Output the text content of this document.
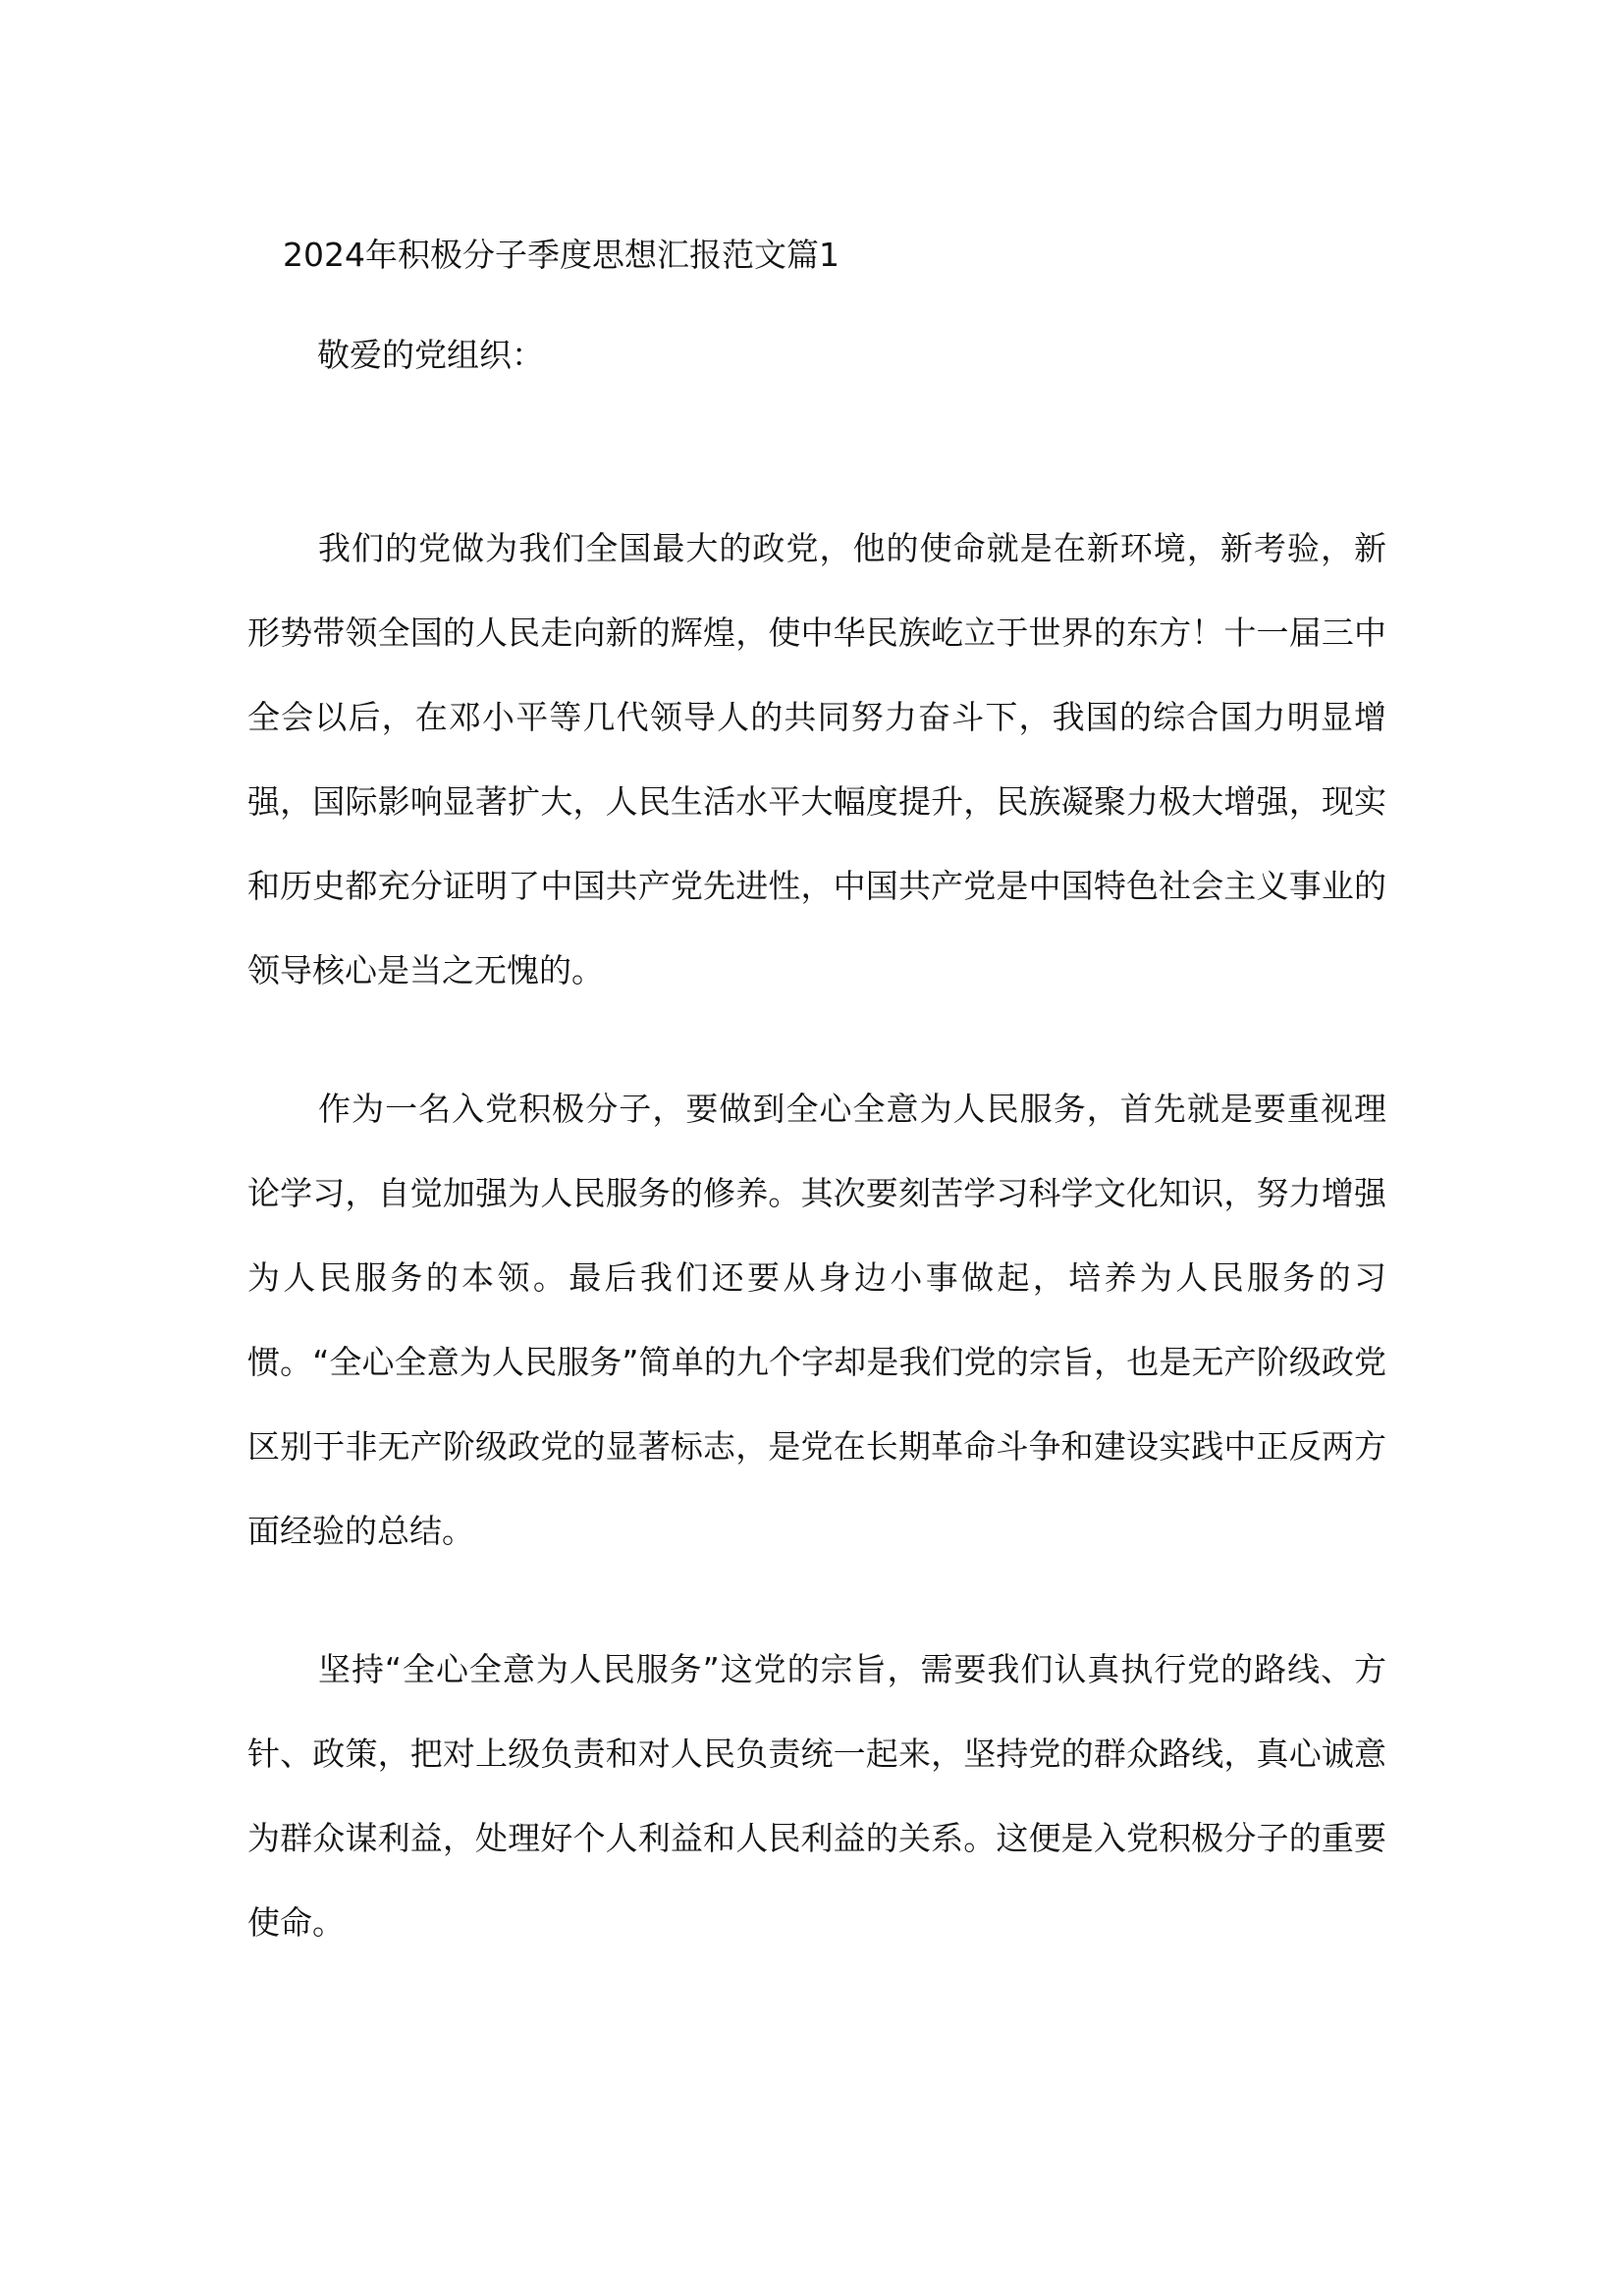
2024年积极分子季度思想汇报范文篇1
敬爱的党组织：

我们的党做为我们全国最大的政党，他的使命就是在新环境，新考验，新形势带领全国的人民走向新的辉煌，使中华民族屹立于世界的东方！十一届三中全会以后，在邓小平等几代领导人的共同努力奋斗下，我国的综合国力明显增强，国际影响显著扩大，人民生活水平大幅度提升，民族凝聚力极大增强，现实和历史都充分证明了中国共产党先进性，中国共产党是中国特色社会主义事业的领导核心是当之无愧的。

作为一名入党积极分子，要做到全心全意为人民服务，首先就是要重视理论学习，自觉加强为人民服务的修养。其次要刻苦学习科学文化知识，努力增强为人民服务的本领。最后我们还要从身边小事做起，培养为人民服务的习惯。“全心全意为人民服务”简单的九个字却是我们党的宗旨，也是无产阶级政党区别于非无产阶级政党的显著标志，是党在长期革命斗争和建设实践中正反两方面经验的总结。

坚持“全心全意为人民服务”这党的宗旨，需要我们认真执行党的路线、方针、政策，把对上级负责和对人民负责统一起来，坚持党的群众路线，真心诚意为群众谋利益，处理好个人利益和人民利益的关系。这便是入党积极分子的重要使命。
